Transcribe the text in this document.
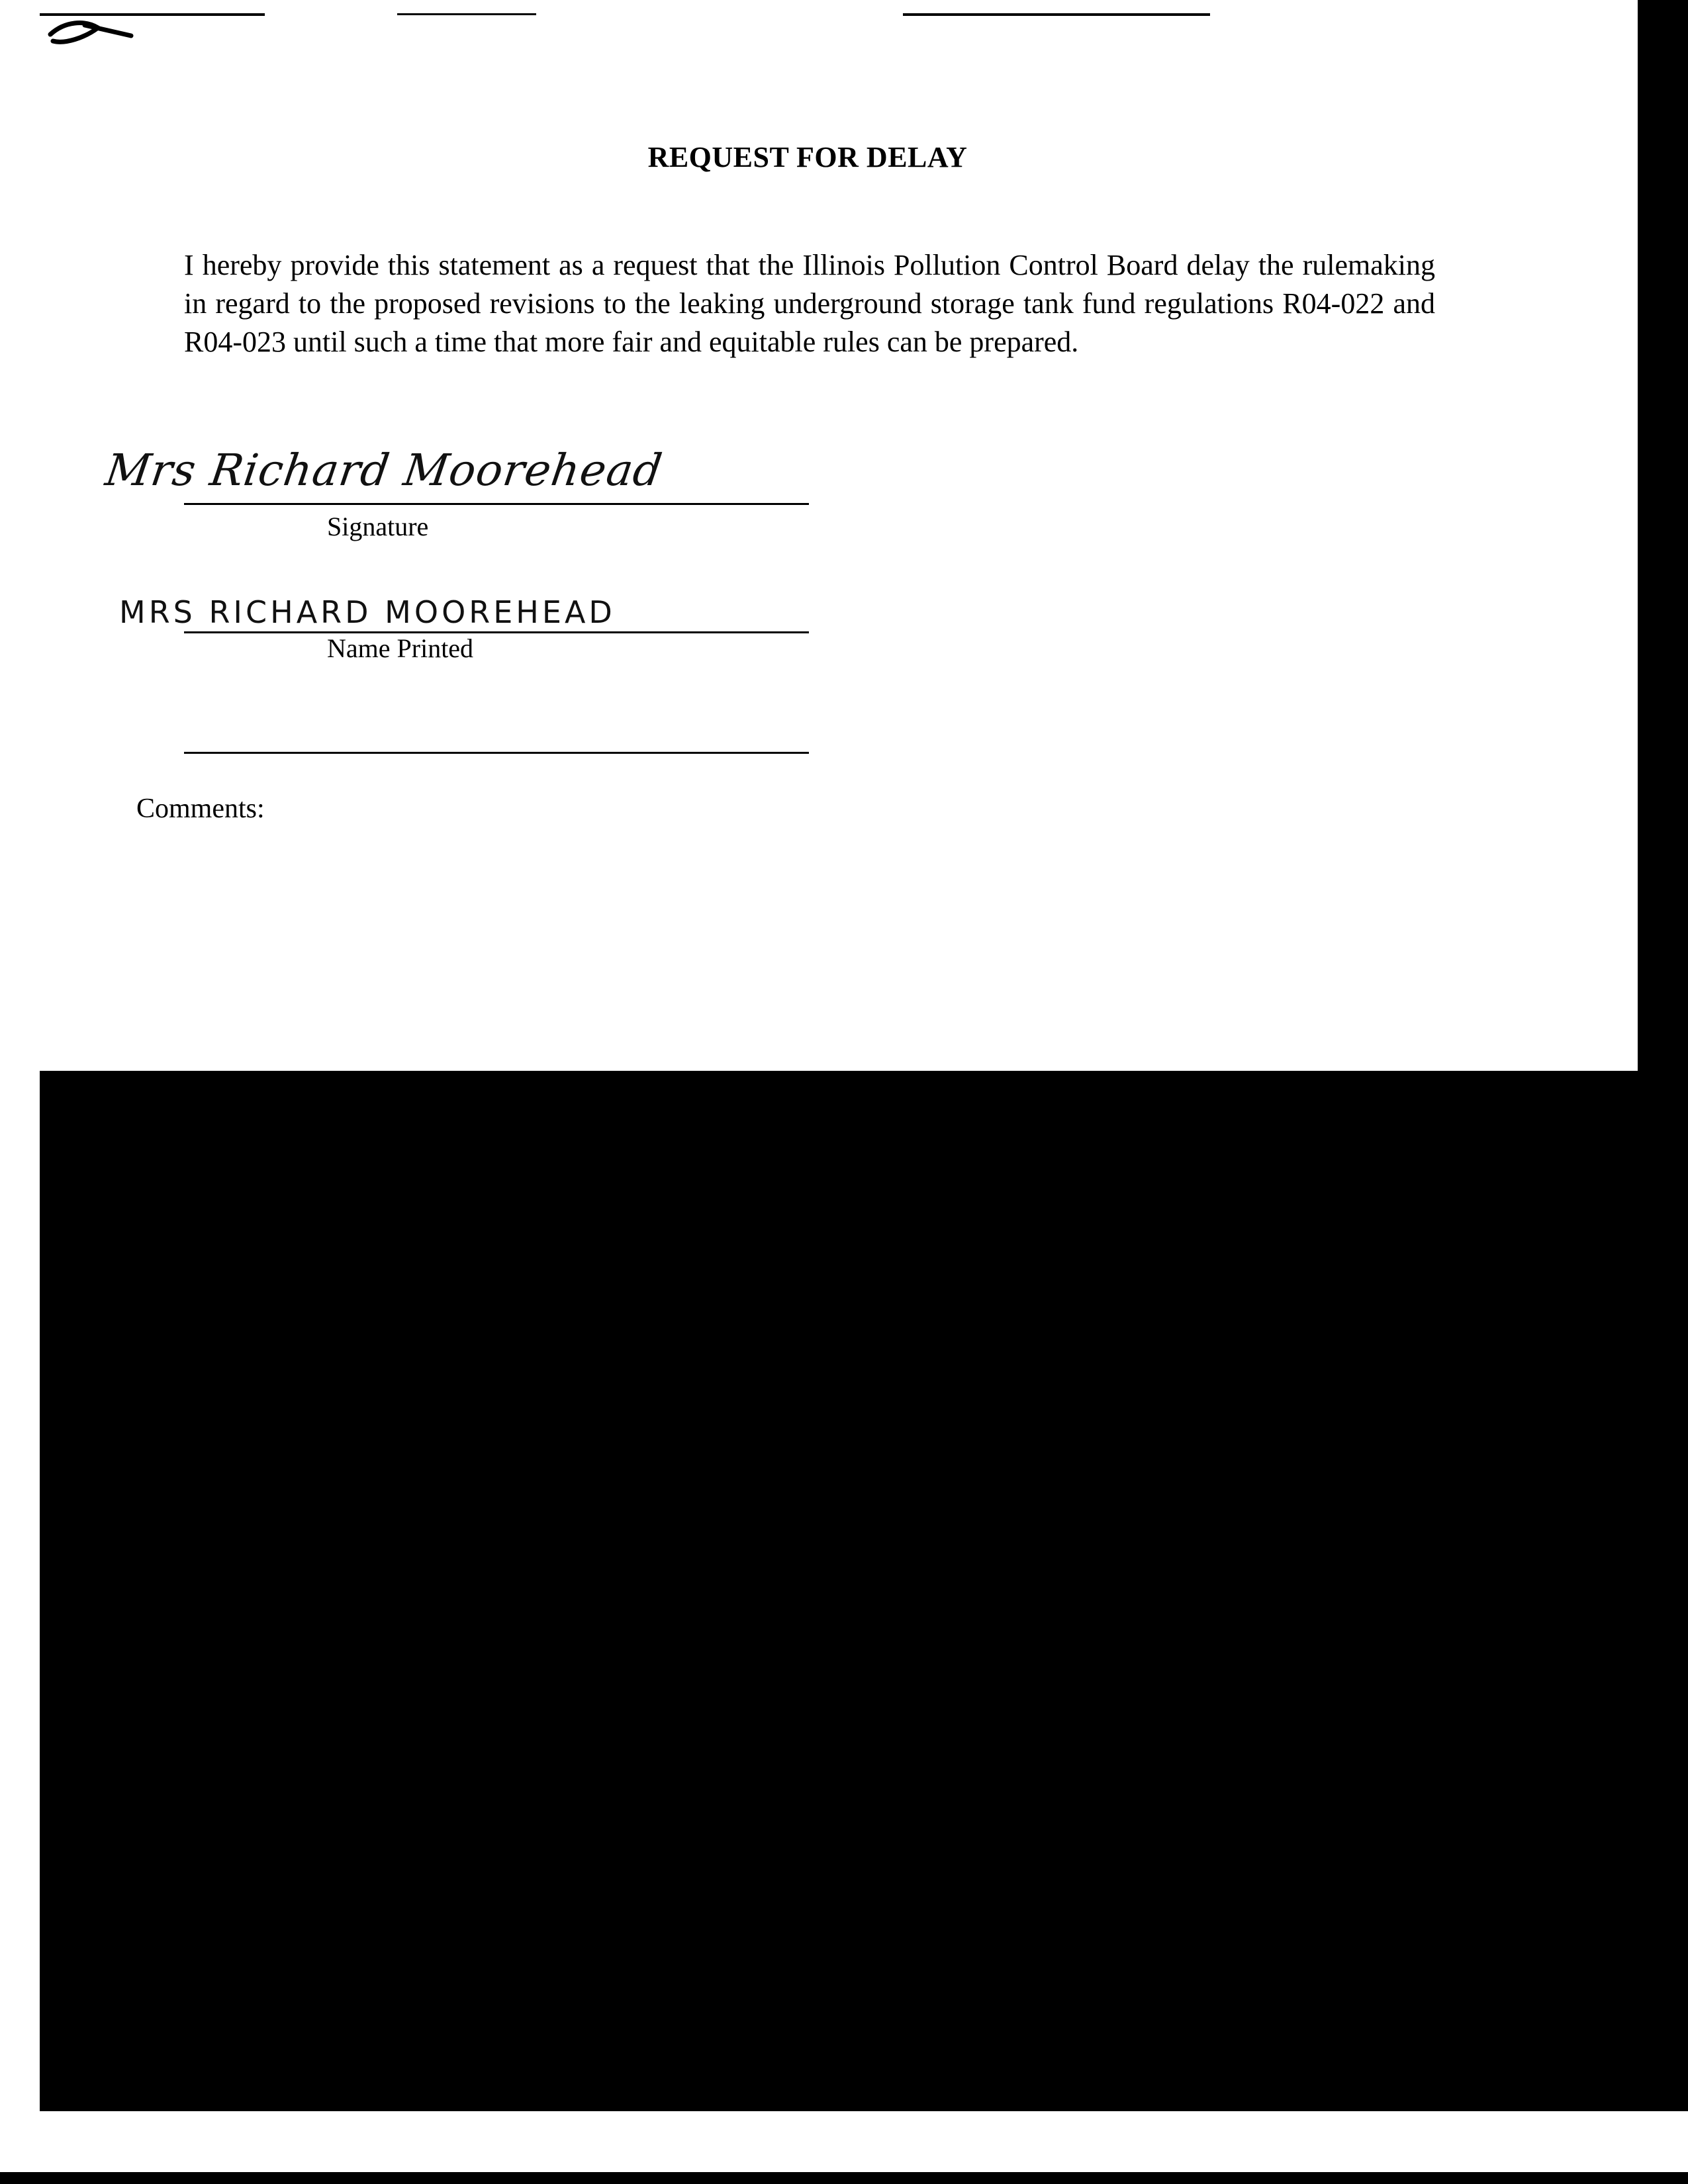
REQUEST FOR DELAY
I hereby provide this statement as a request that the Illinois Pollution Control Board delay the rulemaking in regard to the proposed revisions to the leaking underground storage tank fund regulations R04-022 and R04-023 until such a time that more fair and equitable rules can be prepared.
Mrs Richard Moorehead
Signature
MRS RICHARD MOOREHEAD
Name Printed
Comments:
